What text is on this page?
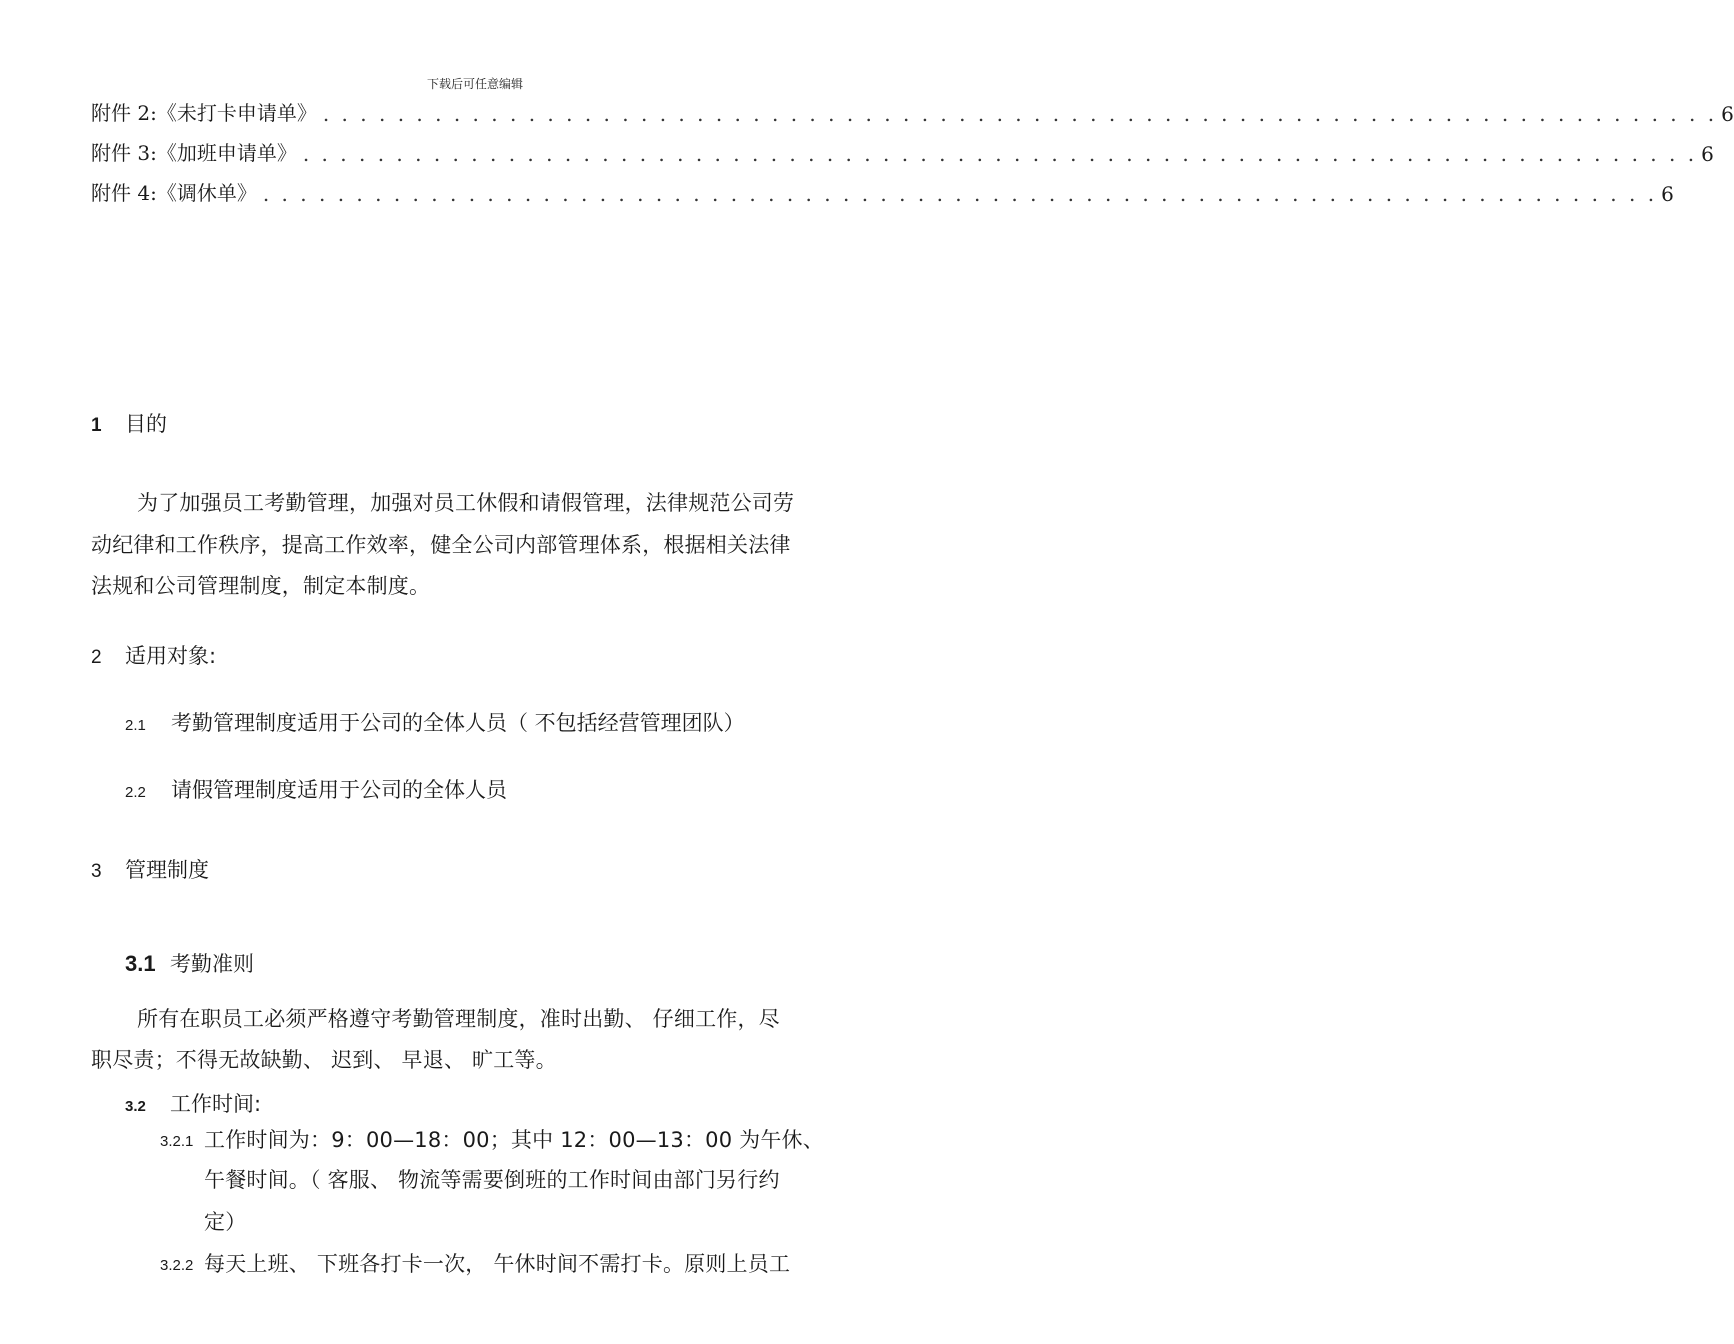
下载后可任意编辑
附件 2:《未打卡申请单》 . . . . . . . . . . . . . . . . . . . . . . . . . . . . . . . . . . . . . . . . . . . . . . . . . . . . . . . . . . . . . . . . . . . . . . . . . . . 6
附件 3:《加班申请单》 . . . . . . . . . . . . . . . . . . . . . . . . . . . . . . . . . . . . . . . . . . . . . . . . . . . . . . . . . . . . . . . . . . . . . . . . . . . 6
附件 4:《调休单》 . . . . . . . . . . . . . . . . . . . . . . . . . . . . . . . . . . . . . . . . . . . . . . . . . . . . . . . . . . . . . . . . . . . . . . . . . . . 6
1 目的
为了加强员工考勤管理，加强对员工休假和请假管理，法律规范公司劳
动纪律和工作秩序，提高工作效率，健全公司内部管理体系，根据相关法律
法规和公司管理制度，制定本制度。
2 适用对象:
2.1 考勤管理制度适用于公司的全体人员（ 不包括经营管理团队）
2.2 请假管理制度适用于公司的全体人员
3 管理制度
3.1 考勤准则
所有在职员工必须严格遵守考勤管理制度，准时出勤、 仔细工作，尽
职尽责；不得无故缺勤、 迟到、 早退、 旷工等。
3.2 工作时间:
3.2.1 工作时间为：9：00—18：00；其中 12：00—13：00 为午休、
午餐时间。（ 客服、 物流等需要倒班的工作时间由部门另行约
定）
3.2.2 每天上班、 下班各打卡一次， 午休时间不需打卡。原则上员工
